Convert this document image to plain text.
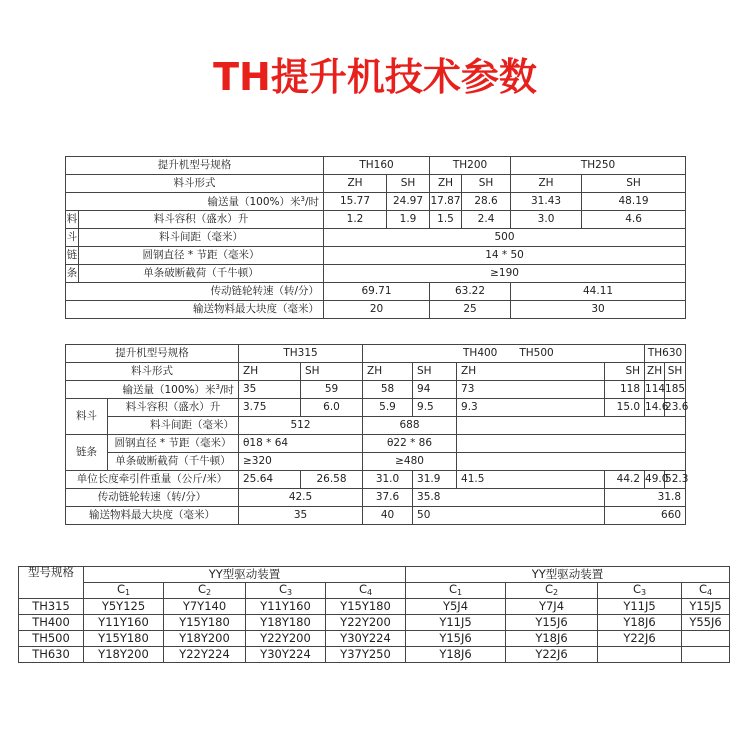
TH提升机技术参数
提升机型号规格	TH160		TH200		TH250	
料斗形式	ZH	SH	ZH	SH	ZH	SH
输送量（100%）米$^3$/时	15.77	24.97	17.87	28.6	31.43	48.19

料 料斗容积（盛水）升	1.2	1.9	1.5	2.4	3.0	4.6

斗 料斗间距（毫米）	500					

链 圆钢直径 * 节距（毫米）	14 * 50					

条 单条破断截荷（千牛顿）	≥190					
传动链轮转速（转/分）	69.71		63.22		44.11	
输送物料最大块度（毫米）	20		25		30	
提升机型号规格		TH315		TH400 TH500				TH630	
料斗形式		ZH	SH	ZH	SH	ZH	SH	ZH	SH
输送量（100%）米$^3$/时		35	59	58	94	73	118	114	185
料斗	料斗容积（盛水）升	3.75	6.0	5.9	9.5	9.3	15.0	14.6	23.6
	料斗间距（毫米）	512		688					
链条	圆钢直径 * 节距（毫米）	θ18 * 64		θ22 * 86					
	单条破断截荷（千牛顿）	≥320		≥480					
单位长度牵引件重量（公斤/米）		25.64	26.58	31.0	31.9	41.5	44.2	49.0	52.3
传动链轮转速（转/分）		42.5		37.6	35.8		31.8		
输送物料最大块度（毫米）		35		40	50		660		
型号规格	YY型驱动装置				YY型驱动装置			
	$C_1$	$C_2$	$C_3$	$C_4$	$C_1$	$C_2$	$C_3$	$C_4$
TH315	Y5Y125	Y7Y140	Y11Y160	Y15Y180	Y5J4	Y7J4	Y11J5	Y15J5
TH400	Y11Y160	Y15Y180	Y18Y180	Y22Y200	Y11J5	Y15J6	Y18J6	Y55J6
TH500	Y15Y180	Y18Y200	Y22Y200	Y30Y224	Y15J6	Y18J6	Y22J6	
TH630	Y18Y200	Y22Y224	Y30Y224	Y37Y250	Y18J6	Y22J6		
